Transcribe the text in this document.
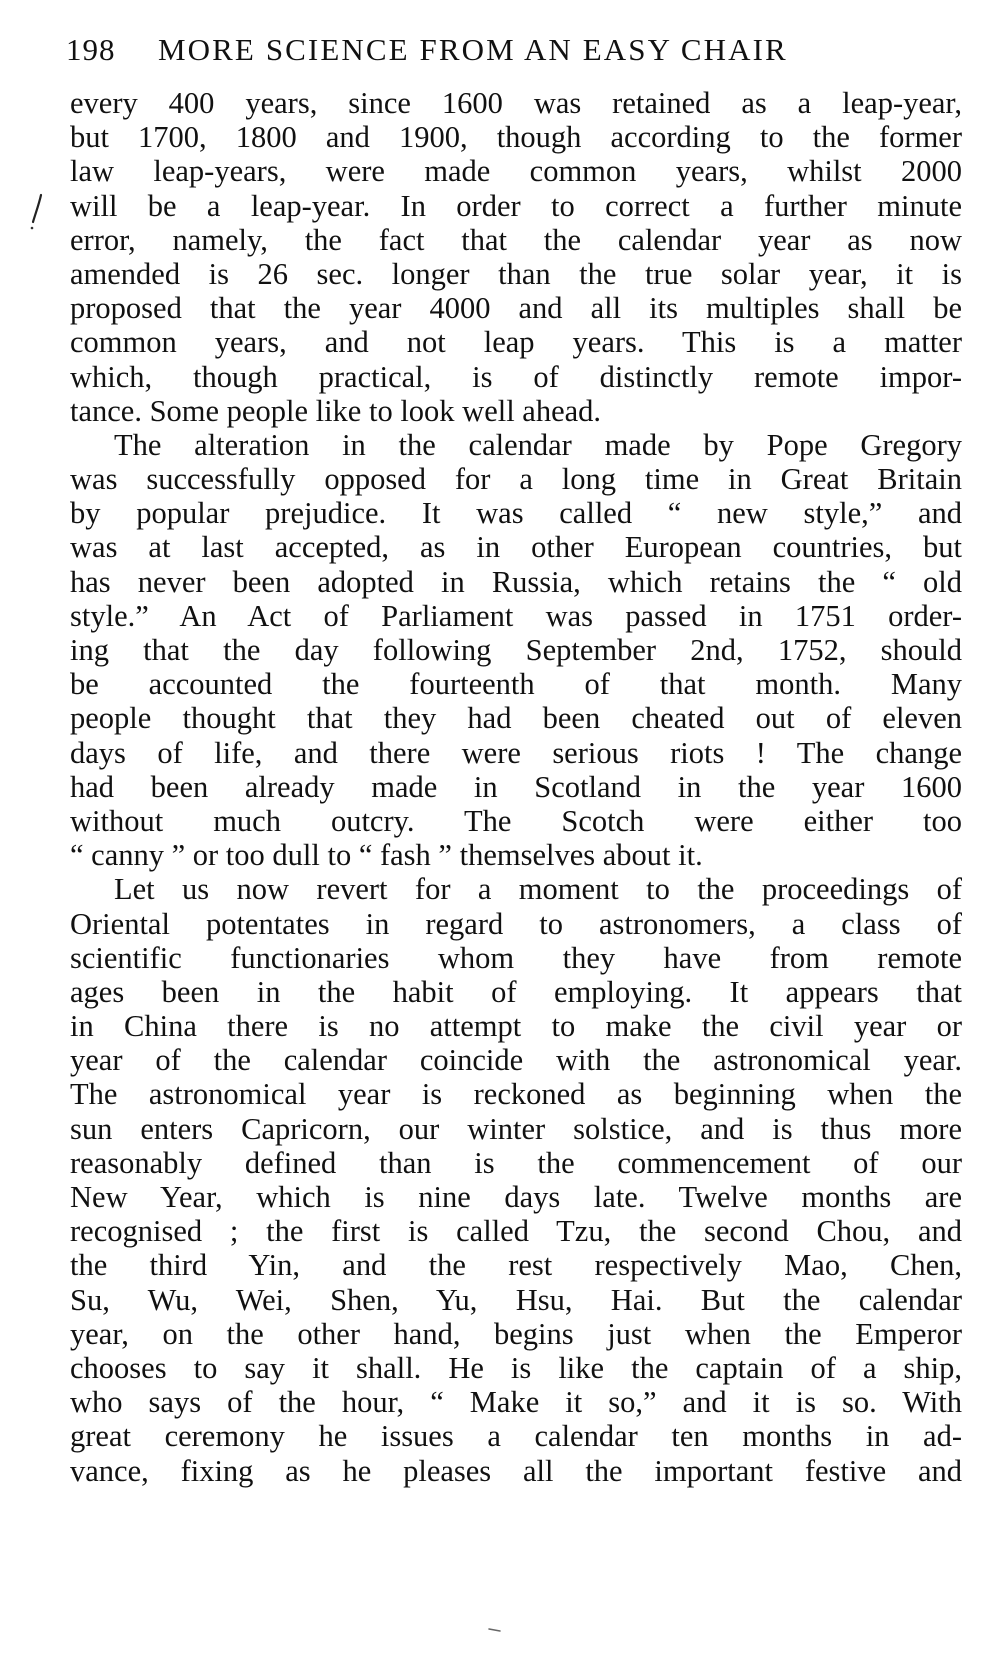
198 MORE SCIENCE FROM AN EASY CHAIR
every 400 years, since 1600 was retained as a leap-year,
but 1700, 1800 and 1900, though according to the former
law leap-years, were made common years, whilst 2000
will be a leap-year. In order to correct a further minute
error, namely, the fact that the calendar year as now
amended is 26 sec. longer than the true solar year, it is
proposed that the year 4000 and all its multiples shall be
common years, and not leap years. This is a matter
which, though practical, is of distinctly remote impor-
tance. Some people like to look well ahead.
The alteration in the calendar made by Pope Gregory
was successfully opposed for a long time in Great Britain
by popular prejudice. It was called “ new style,” and
was at last accepted, as in other European countries, but
has never been adopted in Russia, which retains the “ old
style.” An Act of Parliament was passed in 1751 order-
ing that the day following September 2nd, 1752, should
be accounted the fourteenth of that month. Many
people thought that they had been cheated out of eleven
days of life, and there were serious riots ! The change
had been already made in Scotland in the year 1600
without much outcry. The Scotch were either too
“ canny ” or too dull to “ fash ” themselves about it.
Let us now revert for a moment to the proceedings of
Oriental potentates in regard to astronomers, a class of
scientific functionaries whom they have from remote
ages been in the habit of employing. It appears that
in China there is no attempt to make the civil year or
year of the calendar coincide with the astronomical year.
The astronomical year is reckoned as beginning when the
sun enters Capricorn, our winter solstice, and is thus more
reasonably defined than is the commencement of our
New Year, which is nine days late. Twelve months are
recognised ; the first is called Tzu, the second Chou, and
the third Yin, and the rest respectively Mao, Chen,
Su, Wu, Wei, Shen, Yu, Hsu, Hai. But the calendar
year, on the other hand, begins just when the Emperor
chooses to say it shall. He is like the captain of a ship,
who says of the hour, “ Make it so,” and it is so. With
great ceremony he issues a calendar ten months in ad-
vance, fixing as he pleases all the important festive and
